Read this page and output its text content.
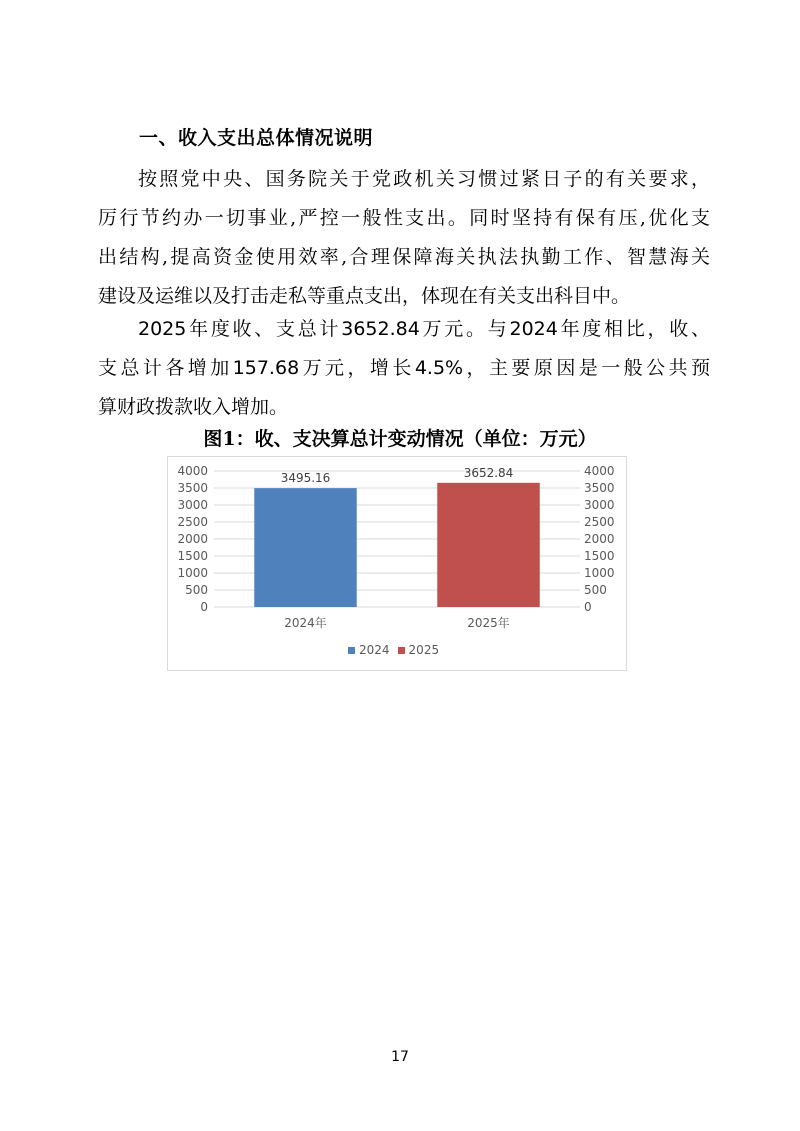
一、收入支出总体情况说明
按照党中央、国务院关于党政机关习惯过紧日子的有关要求，
厉行节约办一切事业,严控一般性支出。同时坚持有保有压,优化支
出结构,提高资金使用效率,合理保障海关执法执勤工作、智慧海关
建设及运维以及打击走私等重点支出，体现在有关支出科目中。
2025年度收、支总计3652.84万元。与2024年度相比，收、
支总计各增加157.68万元，增长4.5%，主要原因是一般公共预
算财政拨款收入增加。
图1：收、支决算总计变动情况（单位：万元）
0	0
500	500
1000	1000
1500	1500
2000	2000
2500	2500
3000	3000
3500	3500
4000	4000
3495.16
2024年
3652.84
2025年
2024 2025
17
